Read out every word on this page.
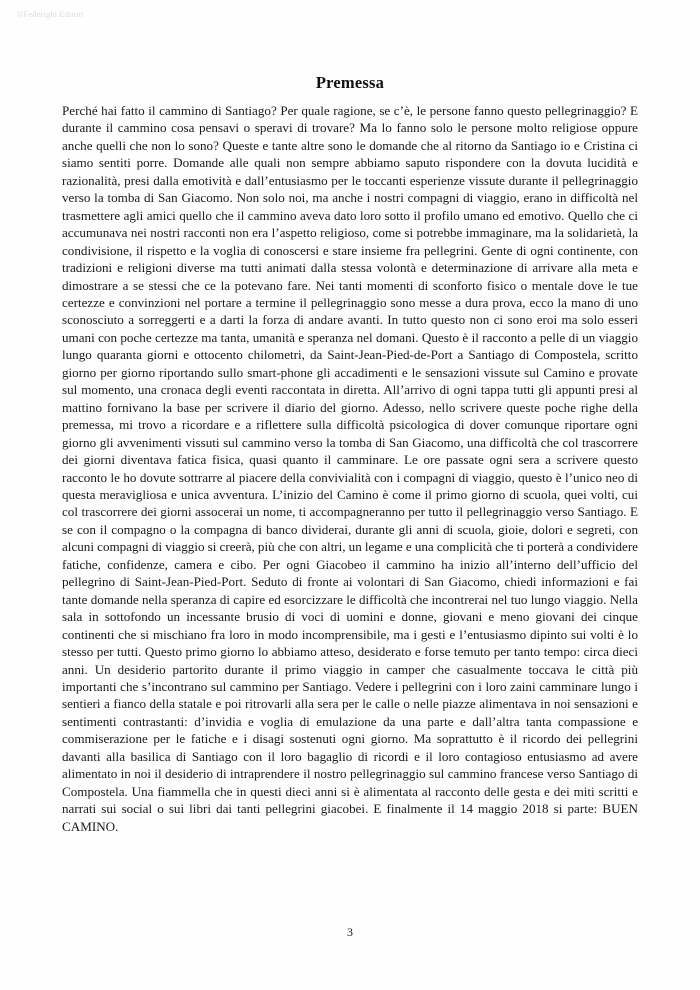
©Federighi Editori
Premessa

Perché hai fatto il cammino di Santiago? Per quale ragione, se c’è, le persone fanno questo pellegrinaggio? E durante il cammino cosa pensavi o speravi di trovare? Ma lo fanno solo le persone molto religiose oppure anche quelli che non lo sono? Queste e tante altre sono le domande che al ritorno da Santiago io e Cristina ci siamo sentiti porre. Domande alle quali non sempre abbiamo saputo rispondere con la dovuta lucidità e razionalità, presi dalla emotività e dall’entusiasmo per le toccanti esperienze vissute durante il pellegrinaggio verso la tomba di San Giacomo. Non solo noi, ma anche i nostri compagni di viaggio, erano in difficoltà nel trasmettere agli amici quello che il cammino aveva dato loro sotto il profilo umano ed emotivo. Quello che ci accumunava nei nostri racconti non era l’aspetto religioso, come si potrebbe immaginare, ma la solidarietà, la condivisione, il rispetto e la voglia di conoscersi e stare insieme fra pellegrini. Gente di ogni continente, con tradizioni e religioni diverse ma tutti animati dalla stessa volontà e determinazione di arrivare alla meta e dimostrare a se stessi che ce la potevano fare. Nei tanti momenti di sconforto fisico o mentale dove le tue certezze e convinzioni nel portare a termine il pellegrinaggio sono messe a dura prova, ecco la mano di uno sconosciuto a sorreggerti e a darti la forza di andare avanti. In tutto questo non ci sono eroi ma solo esseri umani con poche certezze ma tanta, umanità e speranza nel domani. Questo è il racconto a pelle di un viaggio lungo quaranta giorni e ottocento chilometri, da Saint-Jean-Pied-de-Port a Santiago di Compostela, scritto giorno per giorno riportando sullo smart-phone gli accadimenti e le sensazioni vissute sul Camino e provate sul momento, una cronaca degli eventi raccontata in diretta. All’arrivo di ogni tappa tutti gli appunti presi al mattino fornivano la base per scrivere il diario del giorno. Adesso, nello scrivere queste poche righe della premessa, mi trovo a ricordare e a riflettere sulla difficoltà psicologica di dover comunque riportare ogni giorno gli avvenimenti vissuti sul cammino verso la tomba di San Giacomo, una difficoltà che col trascorrere dei giorni diventava fatica fisica, quasi quanto il camminare. Le ore passate ogni sera a scrivere questo racconto le ho dovute sottrarre al piacere della convivialità con i compagni di viaggio, questo è l’unico neo di questa meravigliosa e unica avventura. L’inizio del Camino è come il primo giorno di scuola, quei volti, cui col trascorrere dei giorni assocerai un nome, ti accompagneranno per tutto il pellegrinaggio verso Santiago. E se con il compagno o la compagna di banco dividerai, durante gli anni di scuola, gioie, dolori e segreti, con alcuni compagni di viaggio si creerà, più che con altri, un legame e una complicità che ti porterà a condividere fatiche, confidenze, camera e cibo. Per ogni Giacobeo il cammino ha inizio all’interno dell’ufficio del pellegrino di Saint-Jean-Pied-Port. Seduto di fronte ai volontari di San Giacomo, chiedi informazioni e fai tante domande nella speranza di capire ed esorcizzare le difficoltà che incontrerai nel tuo lungo viaggio. Nella sala in sottofondo un incessante brusio di voci di uomini e donne, giovani e meno giovani dei cinque continenti che si mischiano fra loro in modo incomprensibile, ma i gesti e l’entusiasmo dipinto sui volti è lo stesso per tutti. Questo primo giorno lo abbiamo atteso, desiderato e forse temuto per tanto tempo: circa dieci anni. Un desiderio partorito durante il primo viaggio in camper che casualmente toccava le città più importanti che s’incontrano sul cammino per Santiago. Vedere i pellegrini con i loro zaini camminare lungo i sentieri a fianco della statale e poi ritrovarli alla sera per le calle o nelle piazze alimentava in noi sensazioni e sentimenti contrastanti: d’invidia e voglia di emulazione da una parte e dall’altra tanta compassione e commiserazione per le fatiche e i disagi sostenuti ogni giorno. Ma soprattutto è il ricordo dei pellegrini davanti alla basilica di Santiago con il loro bagaglio di ricordi e il loro contagioso entusiasmo ad avere alimentato in noi il desiderio di intraprendere il nostro pellegrinaggio sul cammino francese verso Santiago di Compostela. Una fiammella che in questi dieci anni si è alimentata al racconto delle gesta e dei miti scritti e narrati sui social o sui libri dai tanti pellegrini giacobei. E finalmente il 14 maggio 2018 si parte: BUEN CAMINO.

3
